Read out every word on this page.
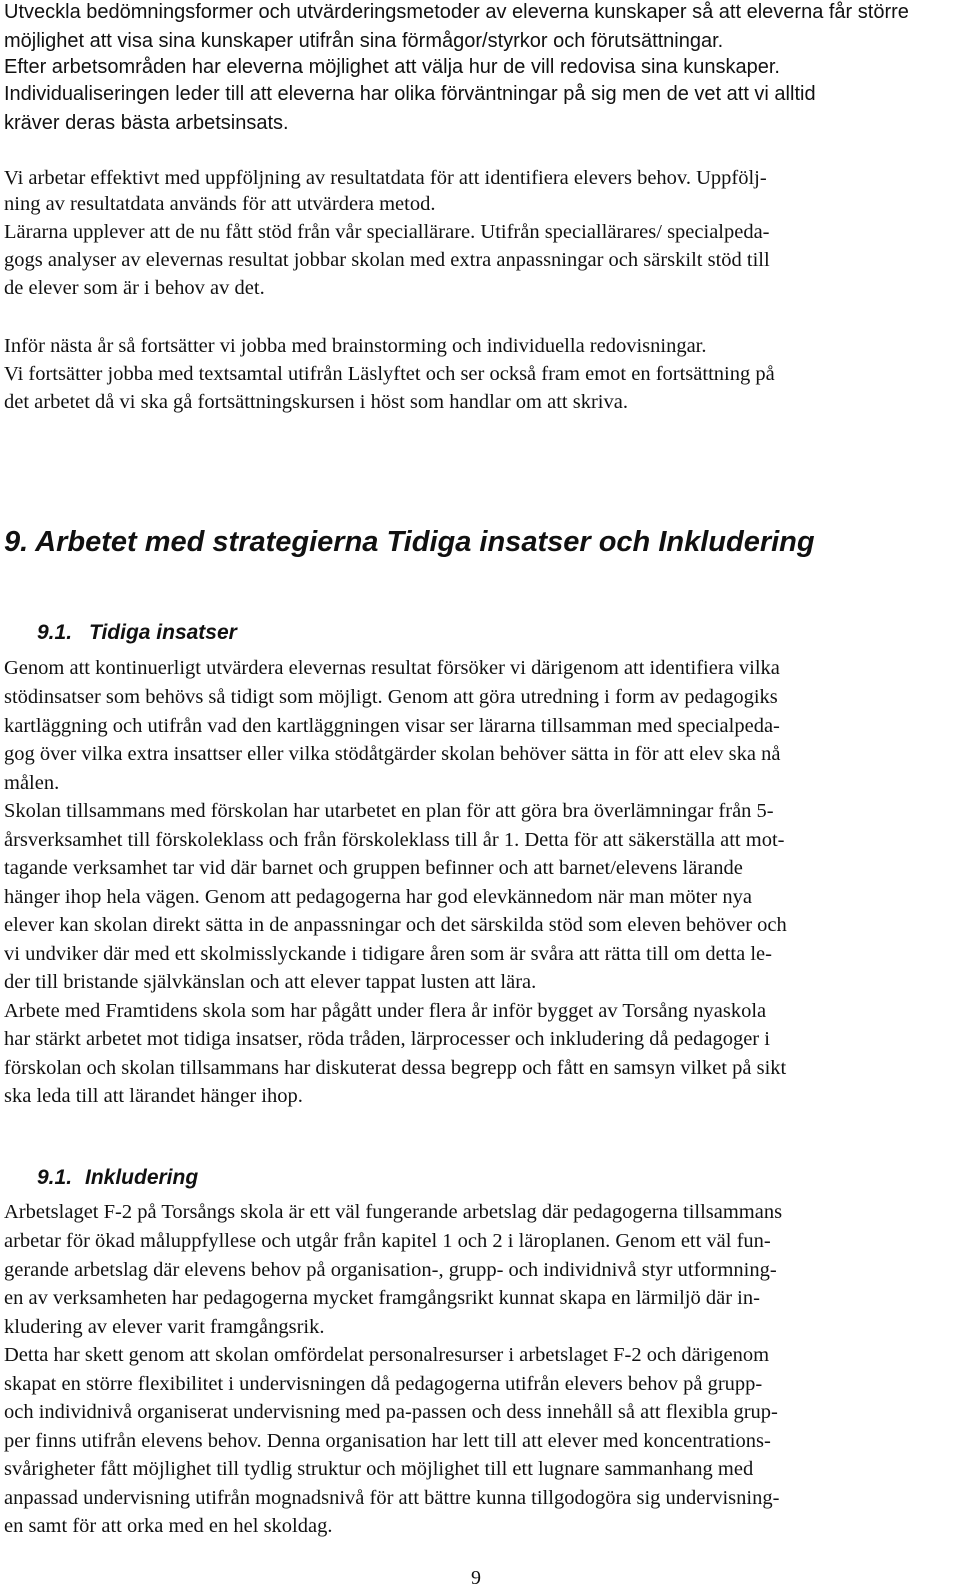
Utveckla bedömningsformer och utvärderingsmetoder av eleverna kunskaper så att eleverna får större
möjlighet att visa sina kunskaper utifrån sina förmågor/styrkor och förutsättningar.
Efter arbetsområden har eleverna möjlighet att välja hur de vill redovisa sina kunskaper.
Individualiseringen leder till att eleverna har olika förväntningar på sig men de vet att vi alltid
kräver deras bästa arbetsinsats.
Vi arbetar effektivt med uppföljning av resultatdata för att identifiera elevers behov. Uppfölj-
ning av resultatdata används för att utvärdera metod.
Lärarna upplever att de nu fått stöd från vår speciallärare. Utifrån speciallärares/ specialpeda-
gogs analyser av elevernas resultat jobbar skolan med extra anpassningar och särskilt stöd till
de elever som är i behov av det.
Inför nästa år så fortsätter vi jobba med brainstorming och individuella redovisningar.
Vi fortsätter jobba med textsamtal utifrån Läslyftet och ser också fram emot en fortsättning på
det arbetet då vi ska gå fortsättningskursen i höst som handlar om att skriva.
9. Arbetet med strategierna Tidiga insatser och Inkludering
9.1. Tidiga insatser
Genom att kontinuerligt utvärdera elevernas resultat försöker vi därigenom att identifiera vilka
stödinsatser som behövs så tidigt som möjligt. Genom att göra utredning i form av pedagogiks
kartläggning och utifrån vad den kartläggningen visar ser lärarna tillsamman med specialpeda-
gog över vilka extra insattser eller vilka stödåtgärder skolan behöver sätta in för att elev ska nå
målen.
Skolan tillsammans med förskolan har utarbetet en plan för att göra bra överlämningar från 5-
årsverksamhet till förskoleklass och från förskoleklass till år 1. Detta för att säkerställa att mot-
tagande verksamhet tar vid där barnet och gruppen befinner och att barnet/elevens lärande
hänger ihop hela vägen. Genom att pedagogerna har god elevkännedom när man möter nya
elever kan skolan direkt sätta in de anpassningar och det särskilda stöd som eleven behöver och
vi undviker där med ett skolmisslyckande i tidigare åren som är svåra att rätta till om detta le-
der till bristande självkänslan och att elever tappat lusten att lära.
Arbete med Framtidens skola som har pågått under flera år inför bygget av Torsång nyaskola
har stärkt arbetet mot tidiga insatser, röda tråden, lärprocesser och inkludering då pedagoger i
förskolan och skolan tillsammans har diskuterat dessa begrepp och fått en samsyn vilket på sikt
ska leda till att lärandet hänger ihop.
9.1. Inkludering
Arbetslaget F-2 på Torsångs skola är ett väl fungerande arbetslag där pedagogerna tillsammans
arbetar för ökad måluppfyllese och utgår från kapitel 1 och 2 i läroplanen. Genom ett väl fun-
gerande arbetslag där elevens behov på organisation-, grupp- och individnivå styr utformning-
en av verksamheten har pedagogerna mycket framgångsrikt kunnat skapa en lärmiljö där in-
kludering av elever varit framgångsrik.
Detta har skett genom att skolan omfördelat personalresurser i arbetslaget F-2 och därigenom
skapat en större flexibilitet i undervisningen då pedagogerna utifrån elevers behov på grupp-
och individnivå organiserat undervisning med pa-passen och dess innehåll så att flexibla grup-
per finns utifrån elevens behov. Denna organisation har lett till att elever med koncentrations-
svårigheter fått möjlighet till tydlig struktur och möjlighet till ett lugnare sammanhang med
anpassad undervisning utifrån mognadsnivå för att bättre kunna tillgodogöra sig undervisning-
en samt för att orka med en hel skoldag.
9
